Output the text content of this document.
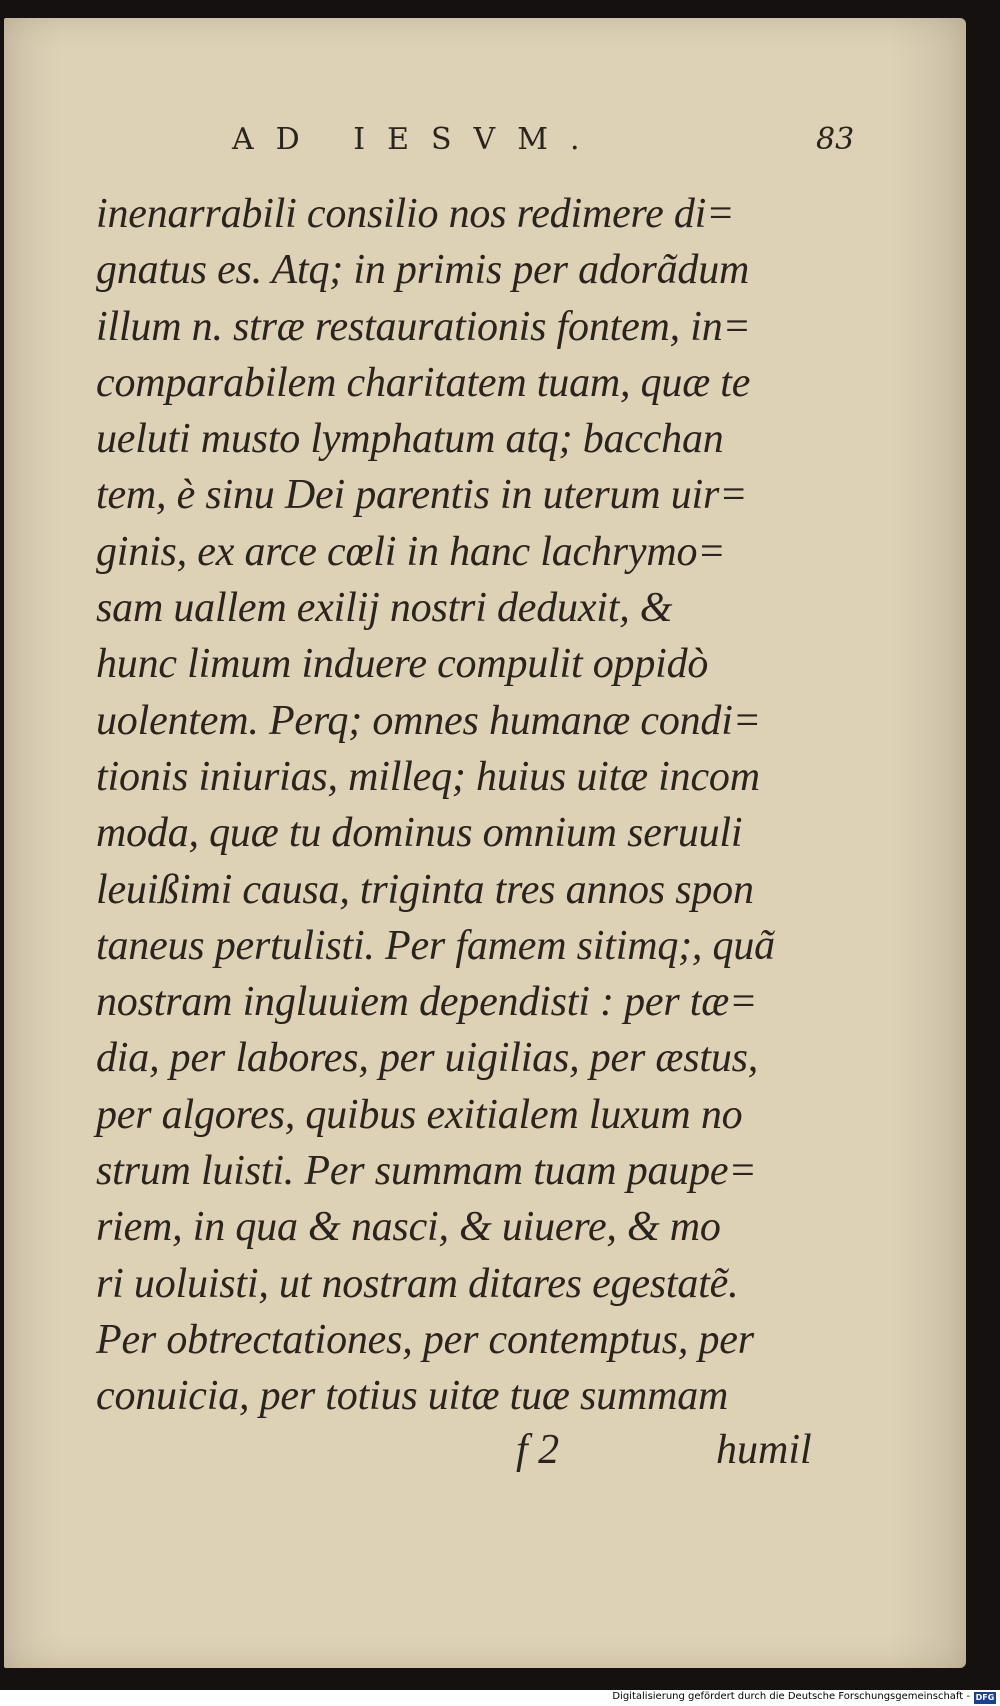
AD IESVM.	83
inenarrabili consilio nos redimere di=
gnatus es. Atq; in primis per adorãdum
illum n. stræ restaurationis fontem, in=
comparabilem charitatem tuam, quæ te
ueluti musto lymphatum atq; bacchan
tem, è sinu Dei parentis in uterum uir=
ginis, ex arce cœli in hanc lachrymo=
sam uallem exilij nostri deduxit, &
hunc limum induere compulit oppidò
uolentem. Perq; omnes humanæ condi=
tionis iniurias, milleq; huius uitæ incom
moda, quæ tu dominus omnium seruuli
leuißimi causa, triginta tres annos spon
taneus pertulisti. Per famem sitimq;, quã
nostram ingluuiem dependisti : per tæ=
dia, per labores, per uigilias, per æstus,
per algores, quibus exitialem luxum no
strum luisti. Per summam tuam paupe=
riem, in qua & nasci, & uiuere, & mo
ri uoluisti, ut nostram ditares egestatẽ.
Per obtrectationes, per contemptus, per
conuicia, per totius uitæ tuæ summam
f 2	humil
Digitalisierung gefördert durch die Deutsche Forschungsgemeinschaft - DFG
